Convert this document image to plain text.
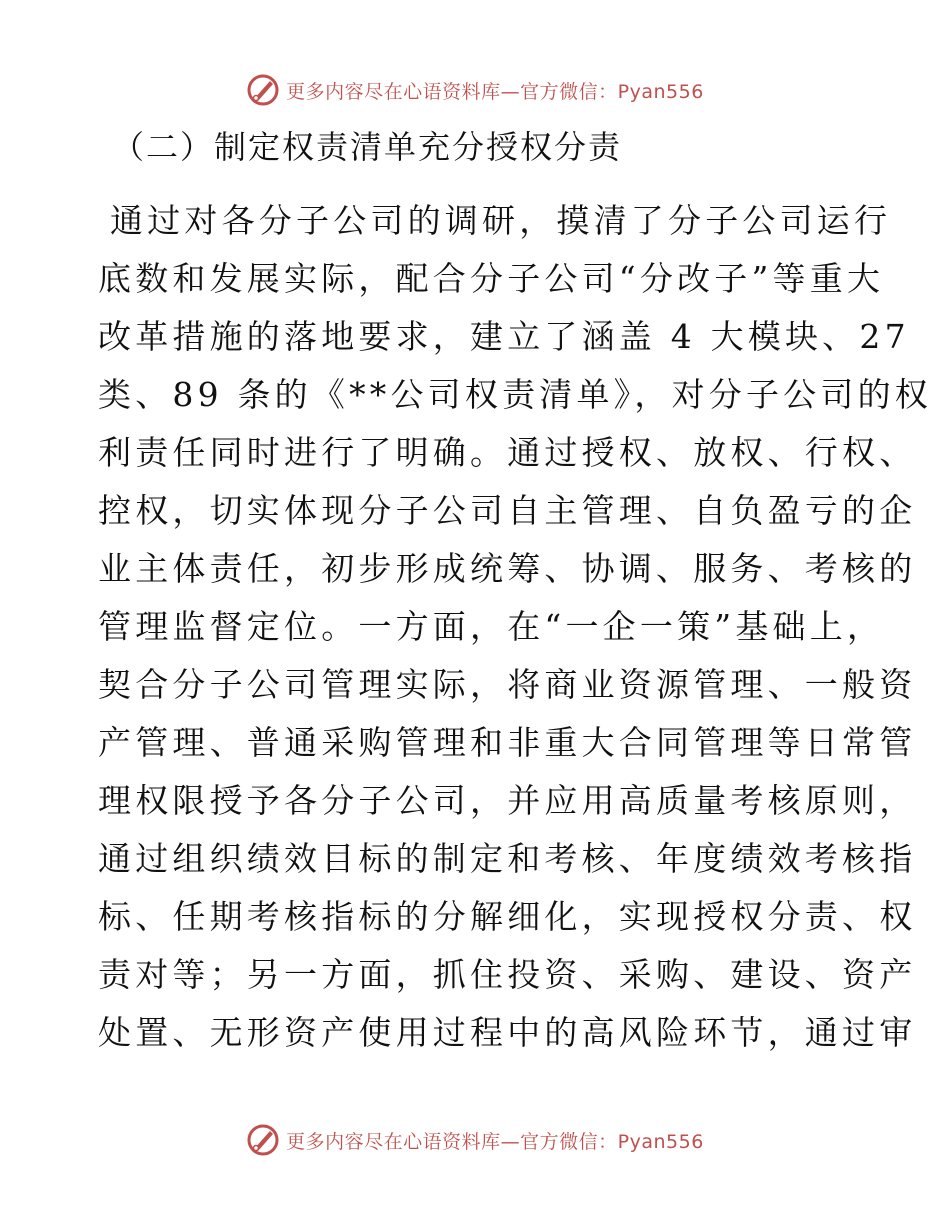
更多内容尽在心语资料库—官方微信：Pyan556
（二）制定权责清单充分授权分责
通过对各分子公司的调研，摸清了分子公司运行
底数和发展实际，配合分子公司“分改子”等重大
改革措施的落地要求，建立了涵盖 4 大模块、27
类、89 条的《**公司权责清单》，对分子公司的权
利责任同时进行了明确。通过授权、放权、行权、
控权，切实体现分子公司自主管理、自负盈亏的企
业主体责任，初步形成统筹、协调、服务、考核的
管理监督定位。一方面，在“一企一策”基础上，
契合分子公司管理实际，将商业资源管理、一般资
产管理、普通采购管理和非重大合同管理等日常管
理权限授予各分子公司，并应用高质量考核原则，
通过组织绩效目标的制定和考核、年度绩效考核指
标、任期考核指标的分解细化，实现授权分责、权
责对等；另一方面，抓住投资、采购、建设、资产
处置、无形资产使用过程中的高风险环节，通过审
更多内容尽在心语资料库—官方微信：Pyan556
